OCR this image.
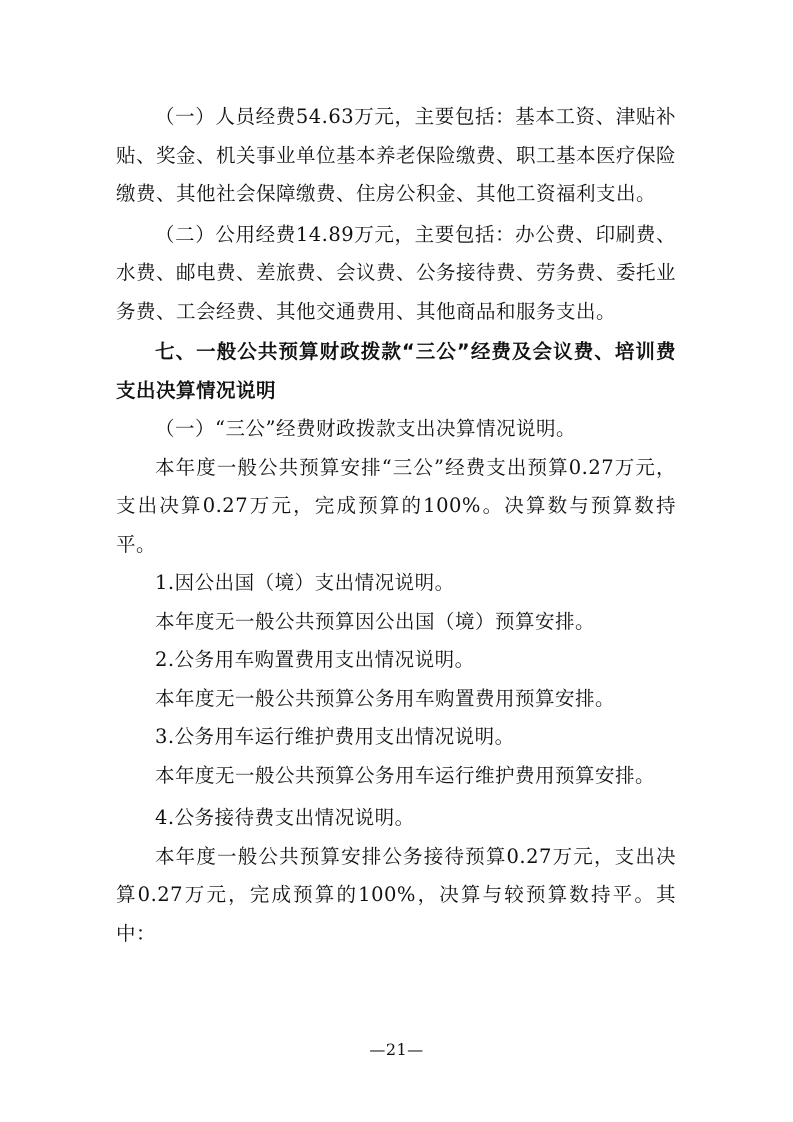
（一）人员经费54.63万元，主要包括：基本工资、津贴补贴、奖金、机关事业单位基本养老保险缴费、职工基本医疗保险缴费、其他社会保障缴费、住房公积金、其他工资福利支出。

（二）公用经费14.89万元，主要包括：办公费、印刷费、水费、邮电费、差旅费、会议费、公务接待费、劳务费、委托业务费、工会经费、其他交通费用、其他商品和服务支出。

七、一般公共预算财政拨款“三公”经费及会议费、培训费支出决算情况说明

（一）“三公”经费财政拨款支出决算情况说明。

本年度一般公共预算安排“三公”经费支出预算0.27万元，支出决算0.27万元，完成预算的100%。决算数与预算数持平。

1.因公出国（境）支出情况说明。

本年度无一般公共预算因公出国（境）预算安排。

2.公务用车购置费用支出情况说明。

本年度无一般公共预算公务用车购置费用预算安排。

3.公务用车运行维护费用支出情况说明。

本年度无一般公共预算公务用车运行维护费用预算安排。

4.公务接待费支出情况说明。

本年度一般公共预算安排公务接待预算0.27万元，支出决算0.27万元，完成预算的100%，决算与较预算数持平。其中：

—21—
